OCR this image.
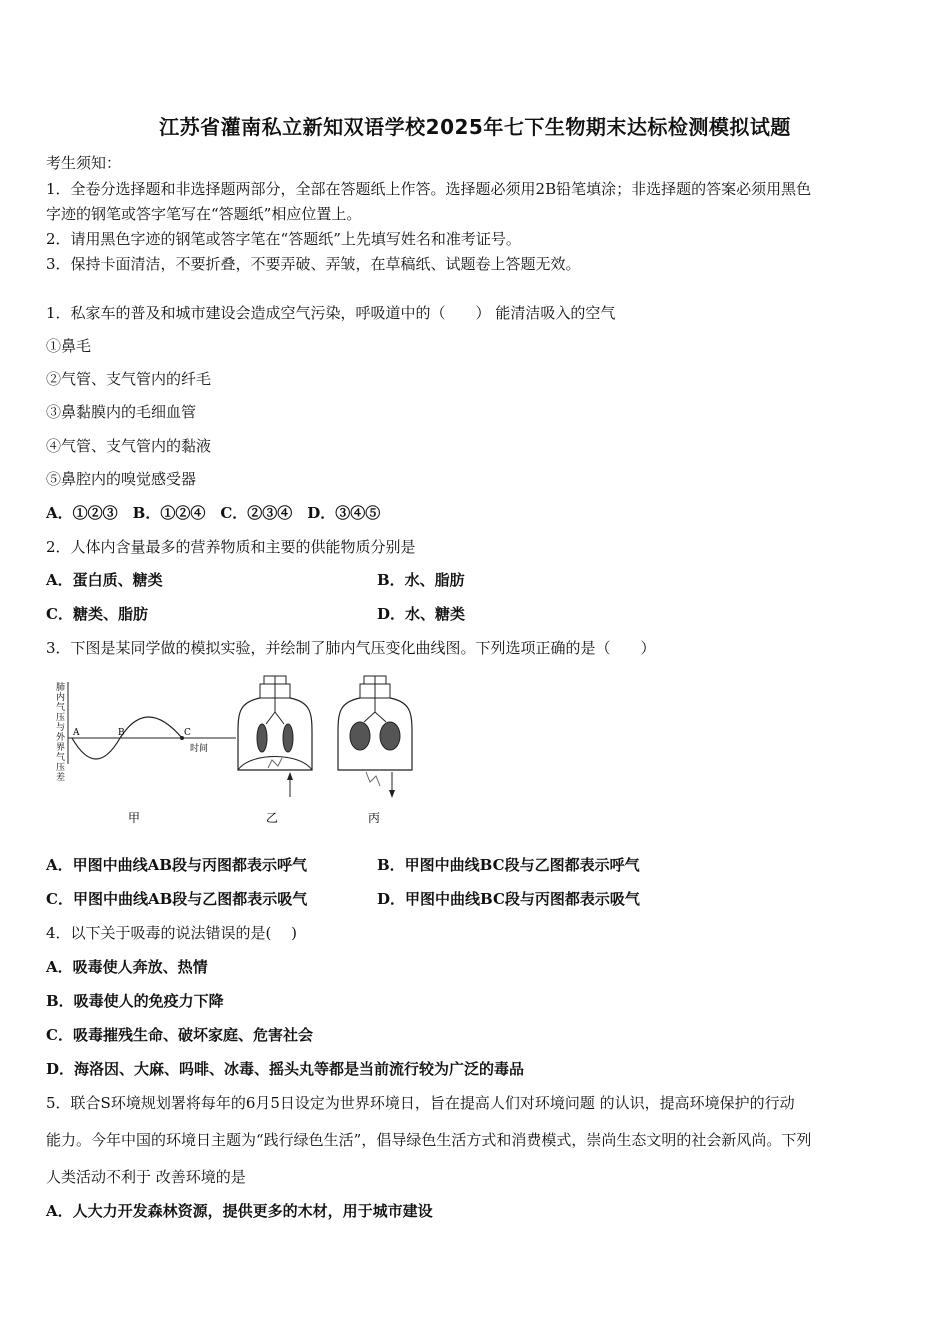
江苏省灌南私立新知双语学校2025年七下生物期末达标检测模拟试题
考生须知：
1．全卷分选择题和非选择题两部分，全部在答题纸上作答。选择题必须用2B铅笔填涂；非选择题的答案必须用黑色
字迹的钢笔或答字笔写在“答题纸”相应位置上。
2．请用黑色字迹的钢笔或答字笔在“答题纸”上先填写姓名和准考证号。
3．保持卡面清洁，不要折叠，不要弄破、弄皱，在草稿纸、试题卷上答题无效。
1．私家车的普及和城市建设会造成空气污染，呼吸道中的（　　） 能清洁吸入的空气
①鼻毛
②气管、支气管内的纤毛
③鼻黏膜内的毛细血管
④气管、支气管内的黏液
⑤鼻腔内的嗅觉感受器
A．①②③　B．①②④　C．②③④　D．③④⑤
2．人体内含量最多的营养物质和主要的供能物质分别是
A．蛋白质、糖类	B．水、脂肪
C．糖类、脂肪	D．水、糖类
3．下图是某同学做的模拟实验，并绘制了肺内气压变化曲线图。下列选项正确的是（　　）
肺内气压与外界气压差
A	B	C
时间
甲	乙	丙
A．甲图中曲线AB段与丙图都表示呼气	B．甲图中曲线BC段与乙图都表示呼气
C．甲图中曲线AB段与乙图都表示吸气	D．甲图中曲线BC段与丙图都表示吸气
4．以下关于吸毒的说法错误的是(　 )
A．吸毒使人奔放、热情
B．吸毒使人的免疫力下降
C．吸毒摧残生命、破坏家庭、危害社会
D．海洛因、大麻、吗啡、冰毒、摇头丸等都是当前流行较为广泛的毒品
5．联合S环境规划署将每年的6月5日设定为世界环境日，旨在提高人们对环境问题 的认识，提高环境保护的行动
能力。今年中国的环境日主题为“践行绿色生活”，倡导绿色生活方式和消费模式，崇尚生态文明的社会新风尚。下列
人类活动不利于 改善环境的是
A．人大力开发森林资源，提供更多的木材，用于城市建设
